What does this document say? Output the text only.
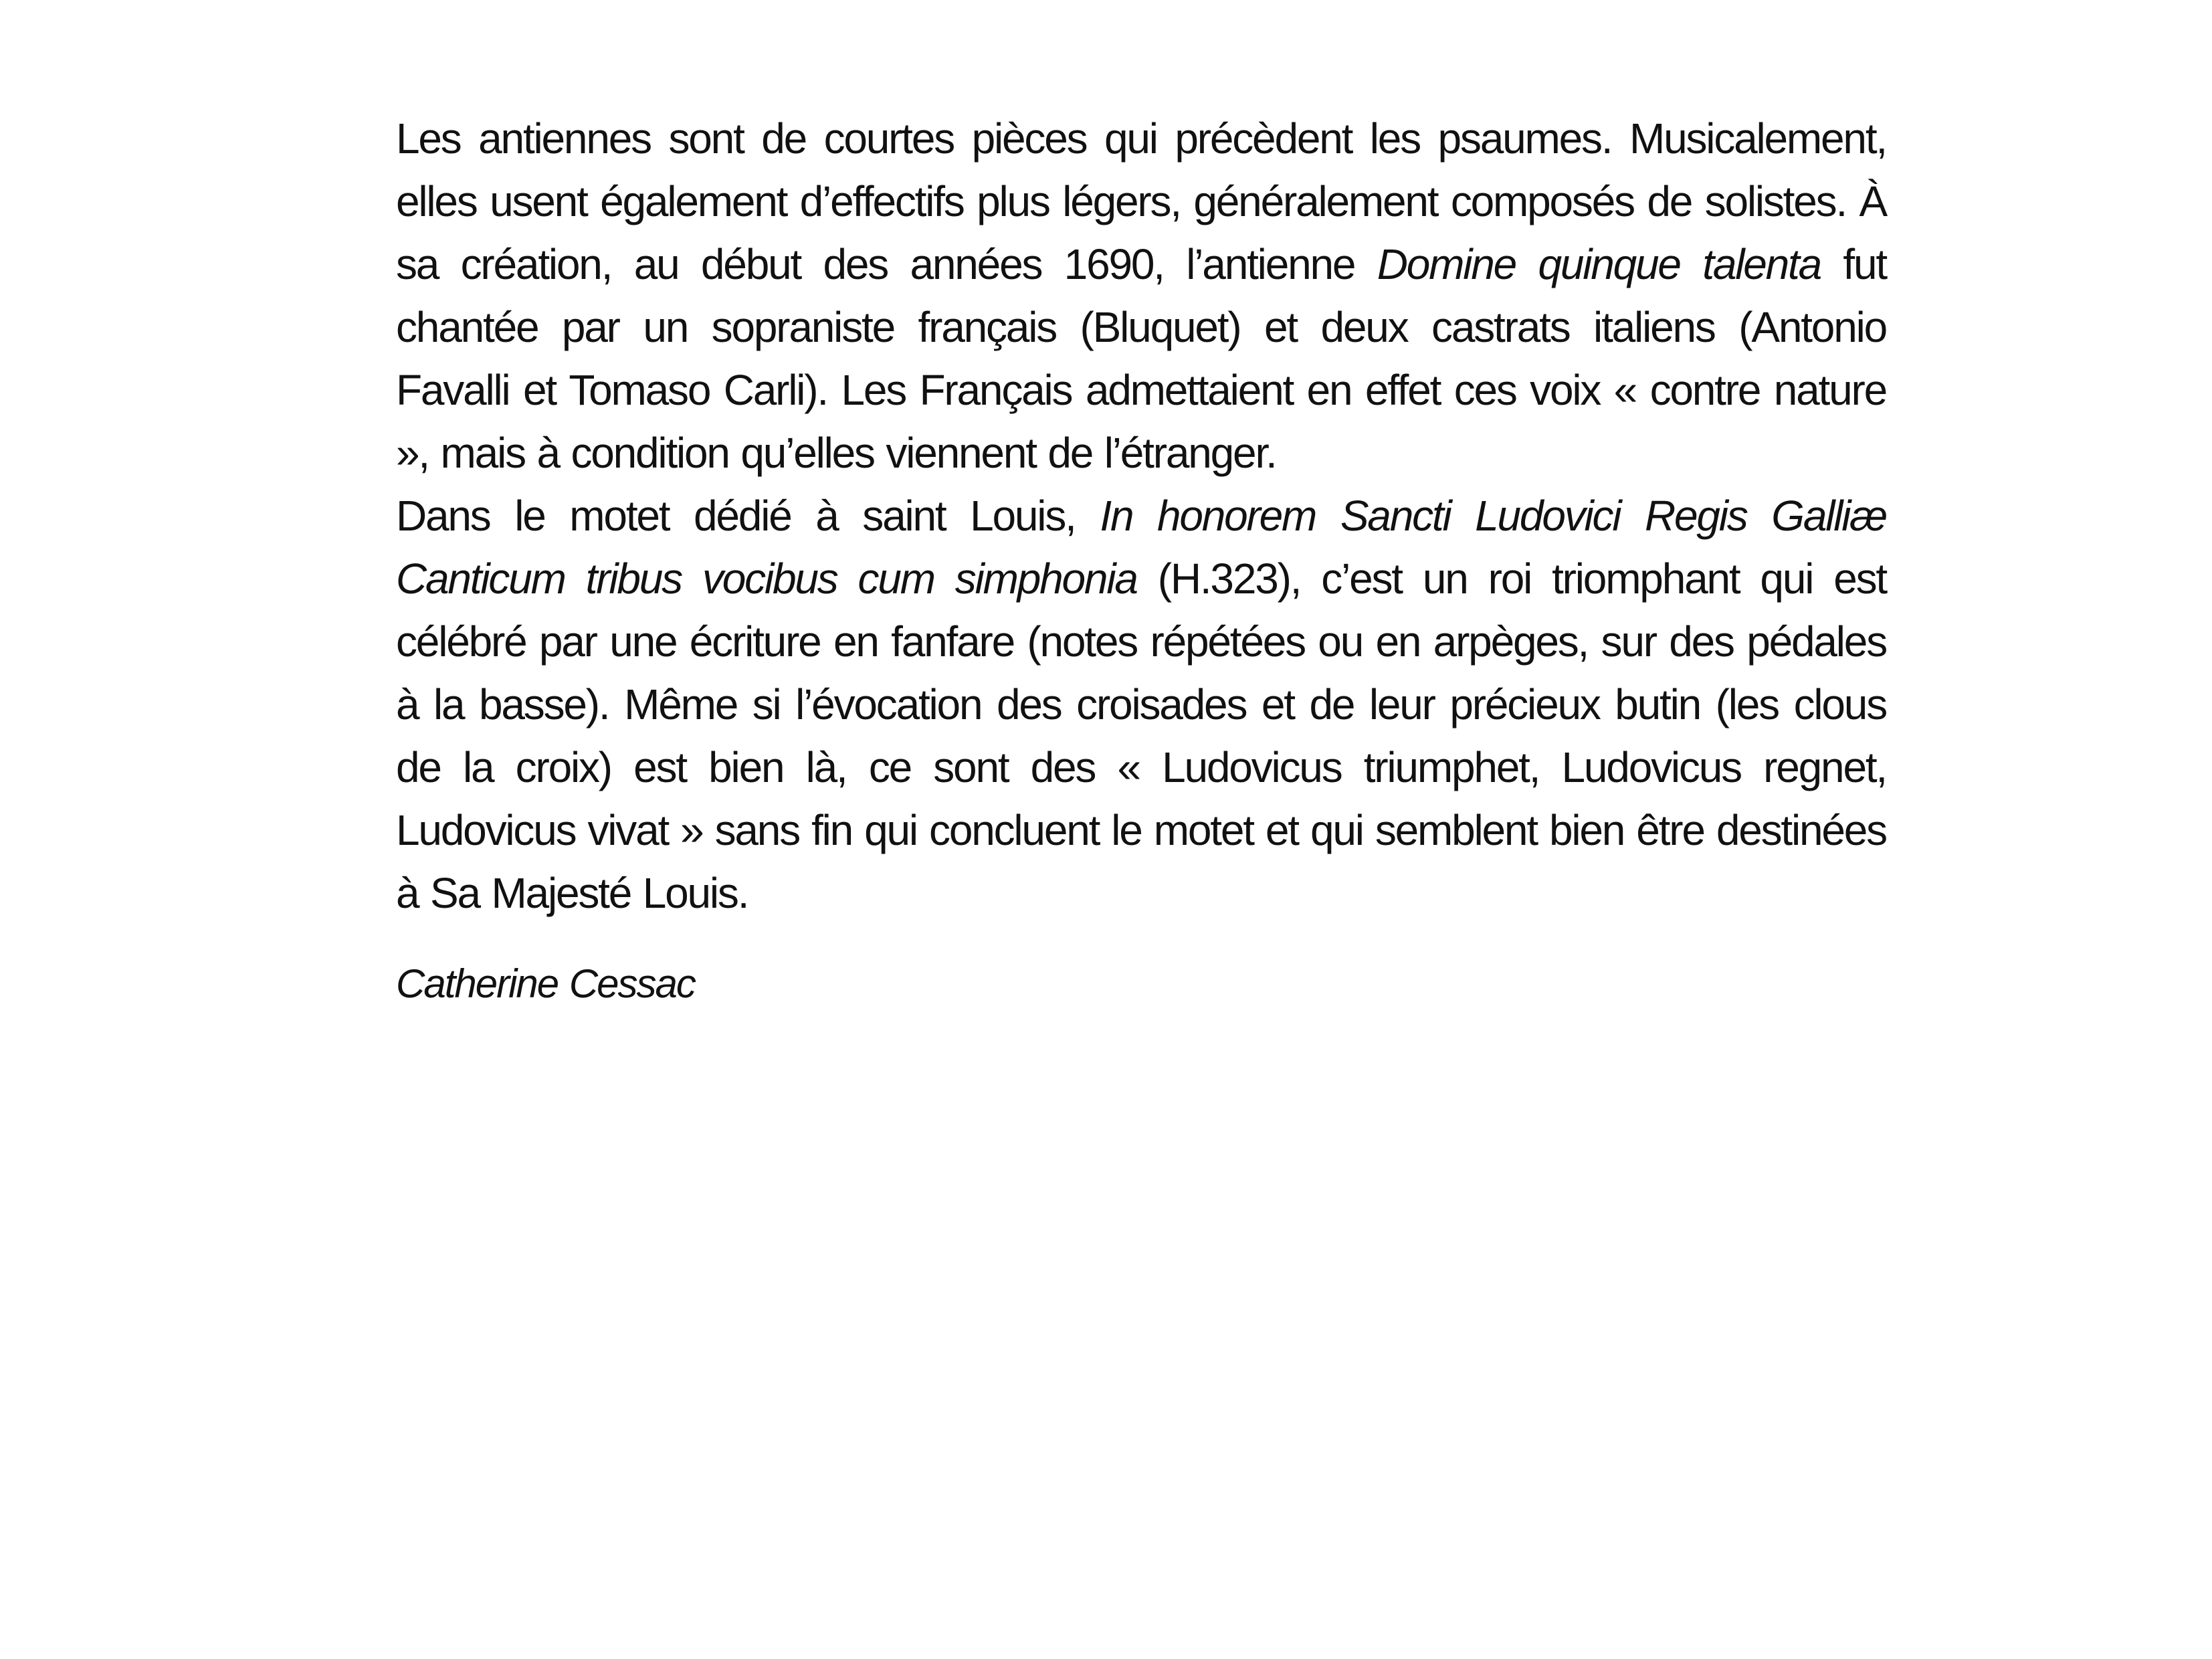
Les antiennes sont de courtes pièces qui précèdent les psaumes. Musicalement, elles usent également d’effectifs plus légers, généralement composés de solistes. À sa création, au début des années 1690, l’antienne Domine quinque talenta fut chantée par un sopraniste français (Bluquet) et deux castrats italiens (Antonio Favalli et Tomaso Carli). Les Français admettaient en effet ces voix « contre nature », mais à condition qu’elles viennent de l’étranger.

Dans le motet dédié à saint Louis, In honorem Sancti Ludovici Regis Galliæ Canticum tribus vocibus cum simphonia (H.323), c’est un roi triomphant qui est célébré par une écriture en fanfare (notes répétées ou en arpèges, sur des pédales à la basse). Même si l’évocation des croisades et de leur précieux butin (les clous de la croix) est bien là, ce sont des « Ludovicus triumphet, Ludovicus regnet, Ludovicus vivat » sans fin qui concluent le motet et qui semblent bien être destinées à Sa Majesté Louis.

Catherine Cessac
